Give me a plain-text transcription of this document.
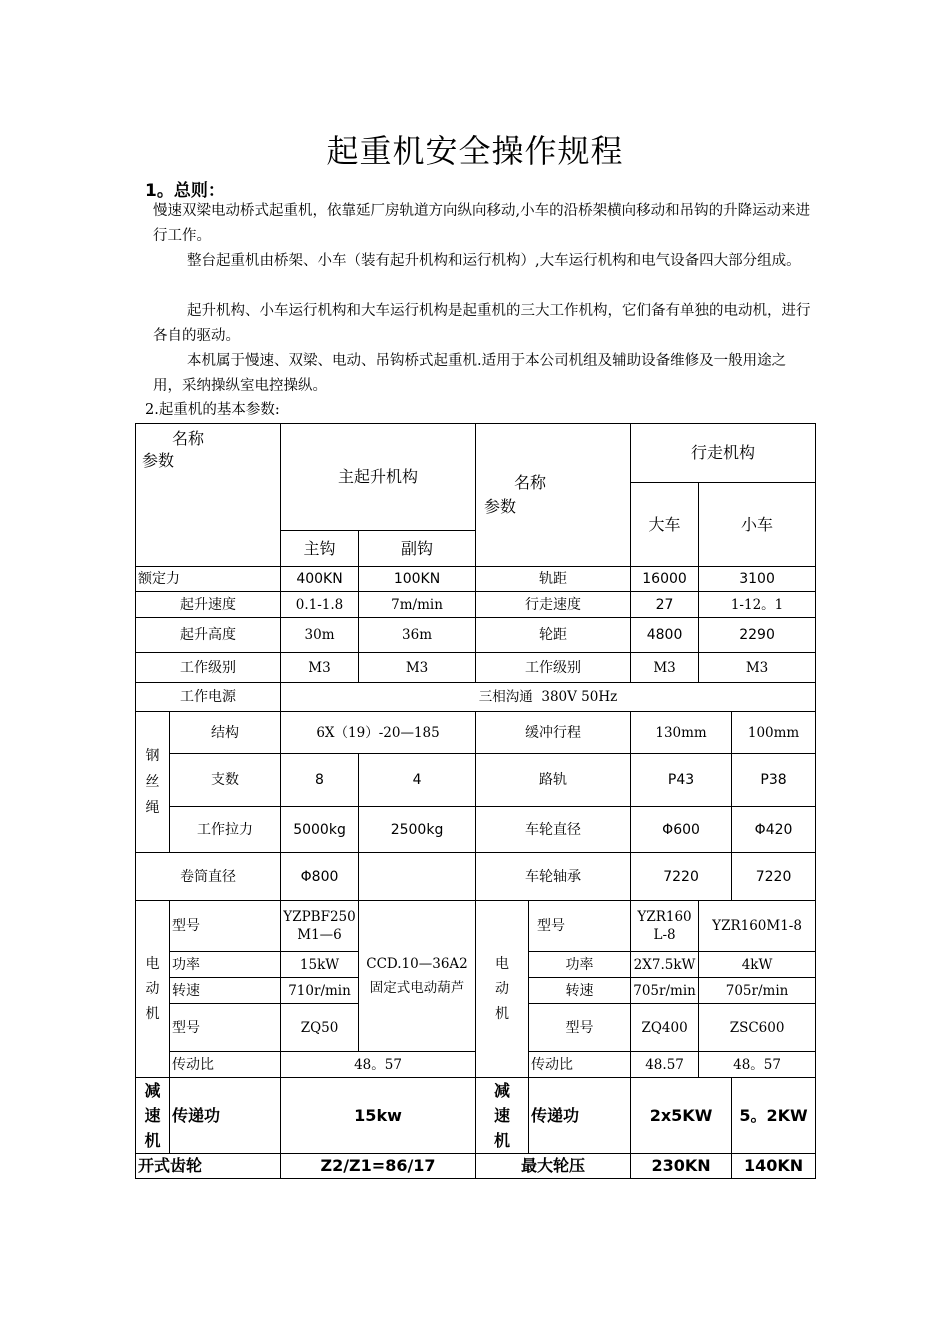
起重机安全操作规程
1。总则：
慢速双梁电动桥式起重机，依靠延厂房轨道方向纵向移动,小车的沿桥架横向移动和吊钩的升降运动来进行工作。
整台起重机由桥架、小车（装有起升机构和运行机构）,大车运行机构和电气设备四大部分组成。
起升机构、小车运行机构和大车运行机构是起重机的三大工作机构，它们备有单独的电动机，进行各自的驱动。
本机属于慢速、双梁、电动、吊钩桥式起重机.适用于本公司机组及辅助设备维修及一般用途之用，采纳操纵室电控操纵。
2.起重机的基本参数:
名称
参数		主起升机构		名称
参数		行走机构		
						大车	小车	
		主钩	副钩					
额定力		400KN	100KN	轨距		16000	3100	
起升速度		0.1-1.8	7m/min	行走速度		27	1-12。1	
起升高度		30m	36m	轮距		4800	2290	
工作级别		M3	M3	工作级别		M3	M3	
工作电源		三相沟通  380V 50Hz						
钢丝绳	结构	6X（19）-20—185		缓冲行程		130mm		100mm
	支数	8	4	路轨		P43		P38
	工作拉力	5000kg	2500kg	车轮直径		Φ600		Φ420
卷筒直径		Φ800		车轮轴承		7220		7220
电动机	型号	YZPBF250M1—6	CCD.10—36A2固定式电动葫芦	电动机	型号	YZR160L-8	YZR160M1-8	
	功率	15kW			功率	2X7.5kW	4kW	
	转速	710r/min			转速	705r/min	705r/min	
	型号	ZQ50			型号	ZQ400	ZSC600	
	传动比	48。57			传动比	48.57	48。57	
减速机	传递功	15kw		减速机	传递功	2x5KW		5。2KW
开式齿轮		Z2/Z1=86/17		最大轮压		230KN		140KN
